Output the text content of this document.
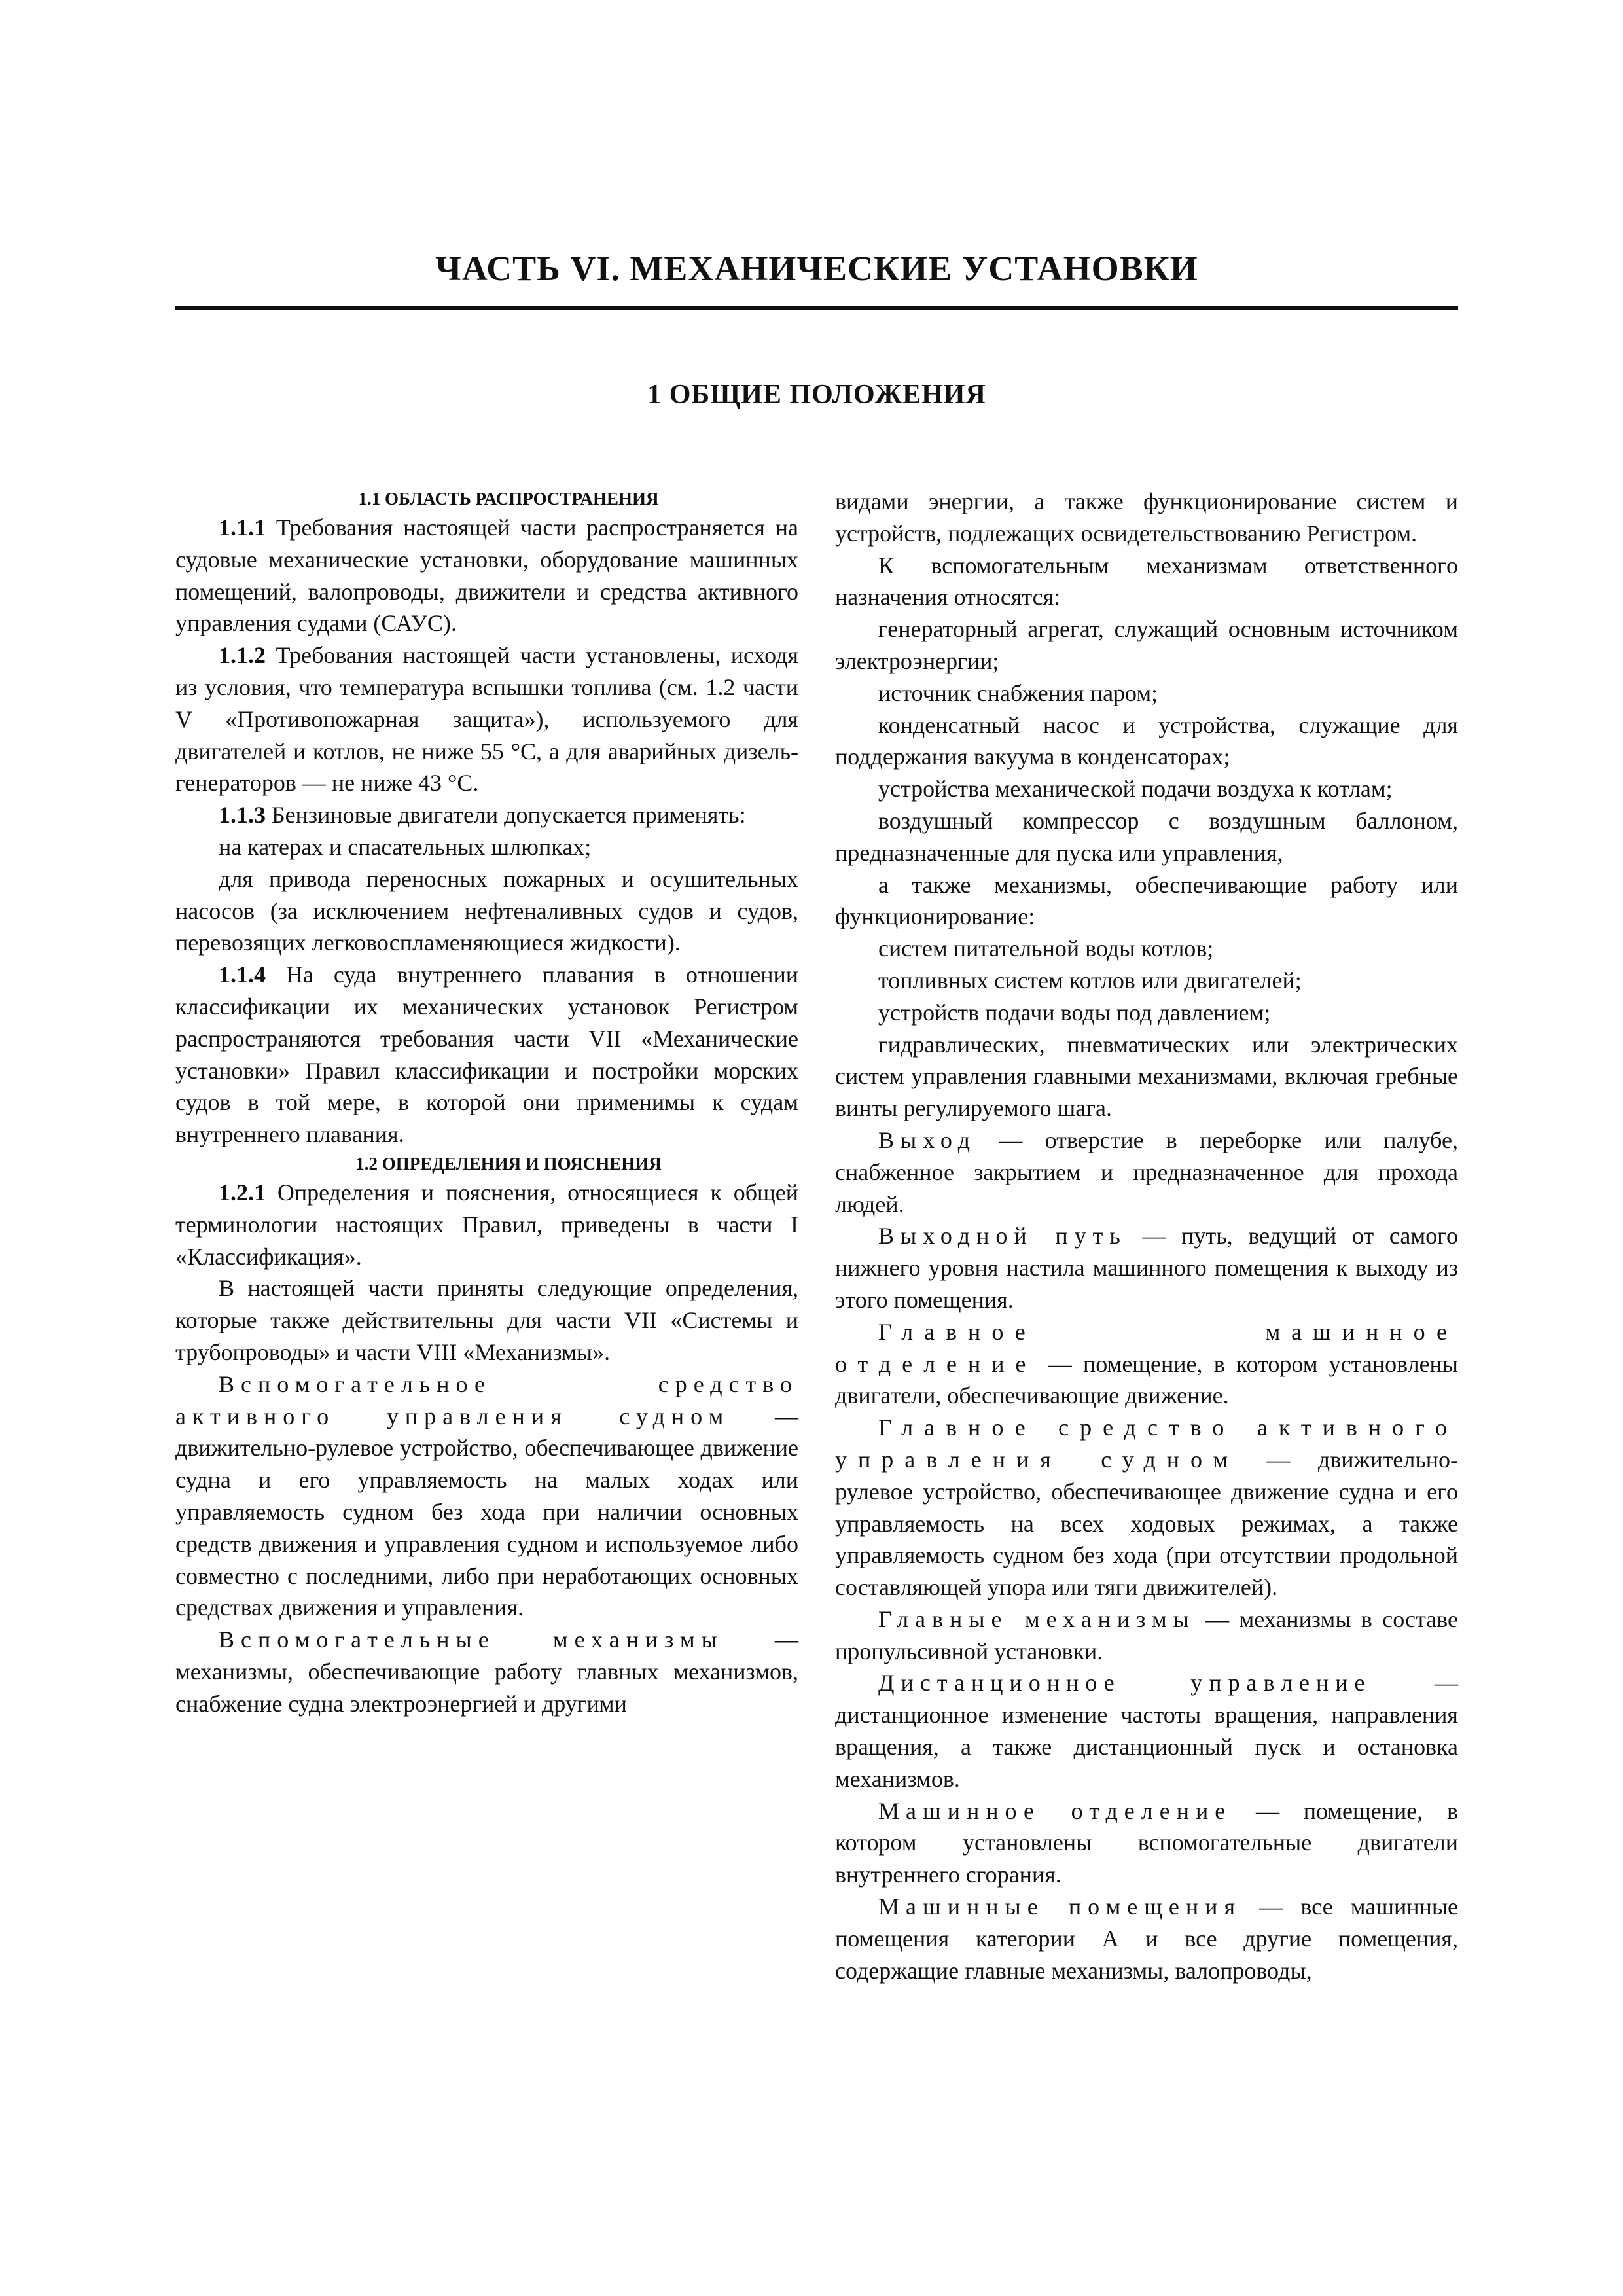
ЧАСТЬ VI. МЕХАНИЧЕСКИЕ УСТАНОВКИ
1 ОБЩИЕ ПОЛОЖЕНИЯ

1.1 ОБЛАСТЬ РАСПРОСТРАНЕНИЯ

1.1.1 Требования настоящей части распространяется на судовые механические установки, оборудование машинных помещений, валопроводы, движители и средства активного управления судами (САУС).

1.1.2 Требования настоящей части установлены, исходя из условия, что температура вспышки топлива (см. 1.2 части V «Противопожарная защита»), используемого для двигателей и котлов, не ниже 55 °C, а для аварийных дизель-генераторов — не ниже 43 °C.

1.1.3 Бензиновые двигатели допускается применять:

на катерах и спасательных шлюпках;

для привода переносных пожарных и осушительных насосов (за исключением нефтеналивных судов и судов, перевозящих легковоспламеняющиеся жидкости).

1.1.4 На суда внутреннего плавания в отношении классификации их механических установок Регистром распространяются требования части VII «Механические установки» Правил классификации и постройки морских судов в той мере, в которой они применимы к судам внутреннего плавания.

1.2 ОПРЕДЕЛЕНИЯ И ПОЯСНЕНИЯ

1.2.1 Определения и пояснения, относящиеся к общей терминологии настоящих Правил, приведены в части I «Классификация».

В настоящей части приняты следующие определения, которые также действительны для части VII «Системы и трубопроводы» и части VIII «Механизмы».

Вспомогательное средство активного управления судном — движительно-рулевое устройство, обеспечивающее движение судна и его управляемость на малых ходах или управляемость судном без хода при наличии основных средств движения и управления судном и используемое либо совместно с последними, либо при неработающих основных средствах движения и управления.

Вспомогательные механизмы — механизмы, обеспечивающие работу главных механизмов, снабжение судна электроэнергией и другими

видами энергии, а также функционирование систем и устройств, подлежащих освидетельствованию Регистром.

К вспомогательным механизмам ответственного назначения относятся:

генераторный агрегат, служащий основным источником электроэнергии;

источник снабжения паром;

конденсатный насос и устройства, служащие для поддержания вакуума в конденсаторах;

устройства механической подачи воздуха к котлам;

воздушный компрессор с воздушным баллоном, предназначенные для пуска или управления,

а также механизмы, обеспечивающие работу или функционирование:

систем питательной воды котлов;

топливных систем котлов или двигателей;

устройств подачи воды под давлением;

гидравлических, пневматических или электрических систем управления главными механизмами, включая гребные винты регулируемого шага.

Выход — отверстие в переборке или палубе, снабженное закрытием и предназначенное для прохода людей.

Выходной путь — путь, ведущий от самого нижнего уровня настила машинного помещения к выходу из этого помещения.

Главное машинное отделение — помещение, в котором установлены двигатели, обеспечивающие движение.

Главное средство активного управления судном — движительно-рулевое устройство, обеспечивающее движение судна и его управляемость на всех ходовых режимах, а также управляемость судном без хода (при отсутствии продольной составляющей упора или тяги движителей).

Главные механизмы — механизмы в составе пропульсивной установки.

Дистанционное управление — дистанционное изменение частоты вращения, направления вращения, а также дистанционный пуск и остановка механизмов.

Машинное отделение — помещение, в котором установлены вспомогательные двигатели внутреннего сгорания.

Машинные помещения — все машинные помещения категории А и все другие помещения, содержащие главные механизмы, валопроводы,
